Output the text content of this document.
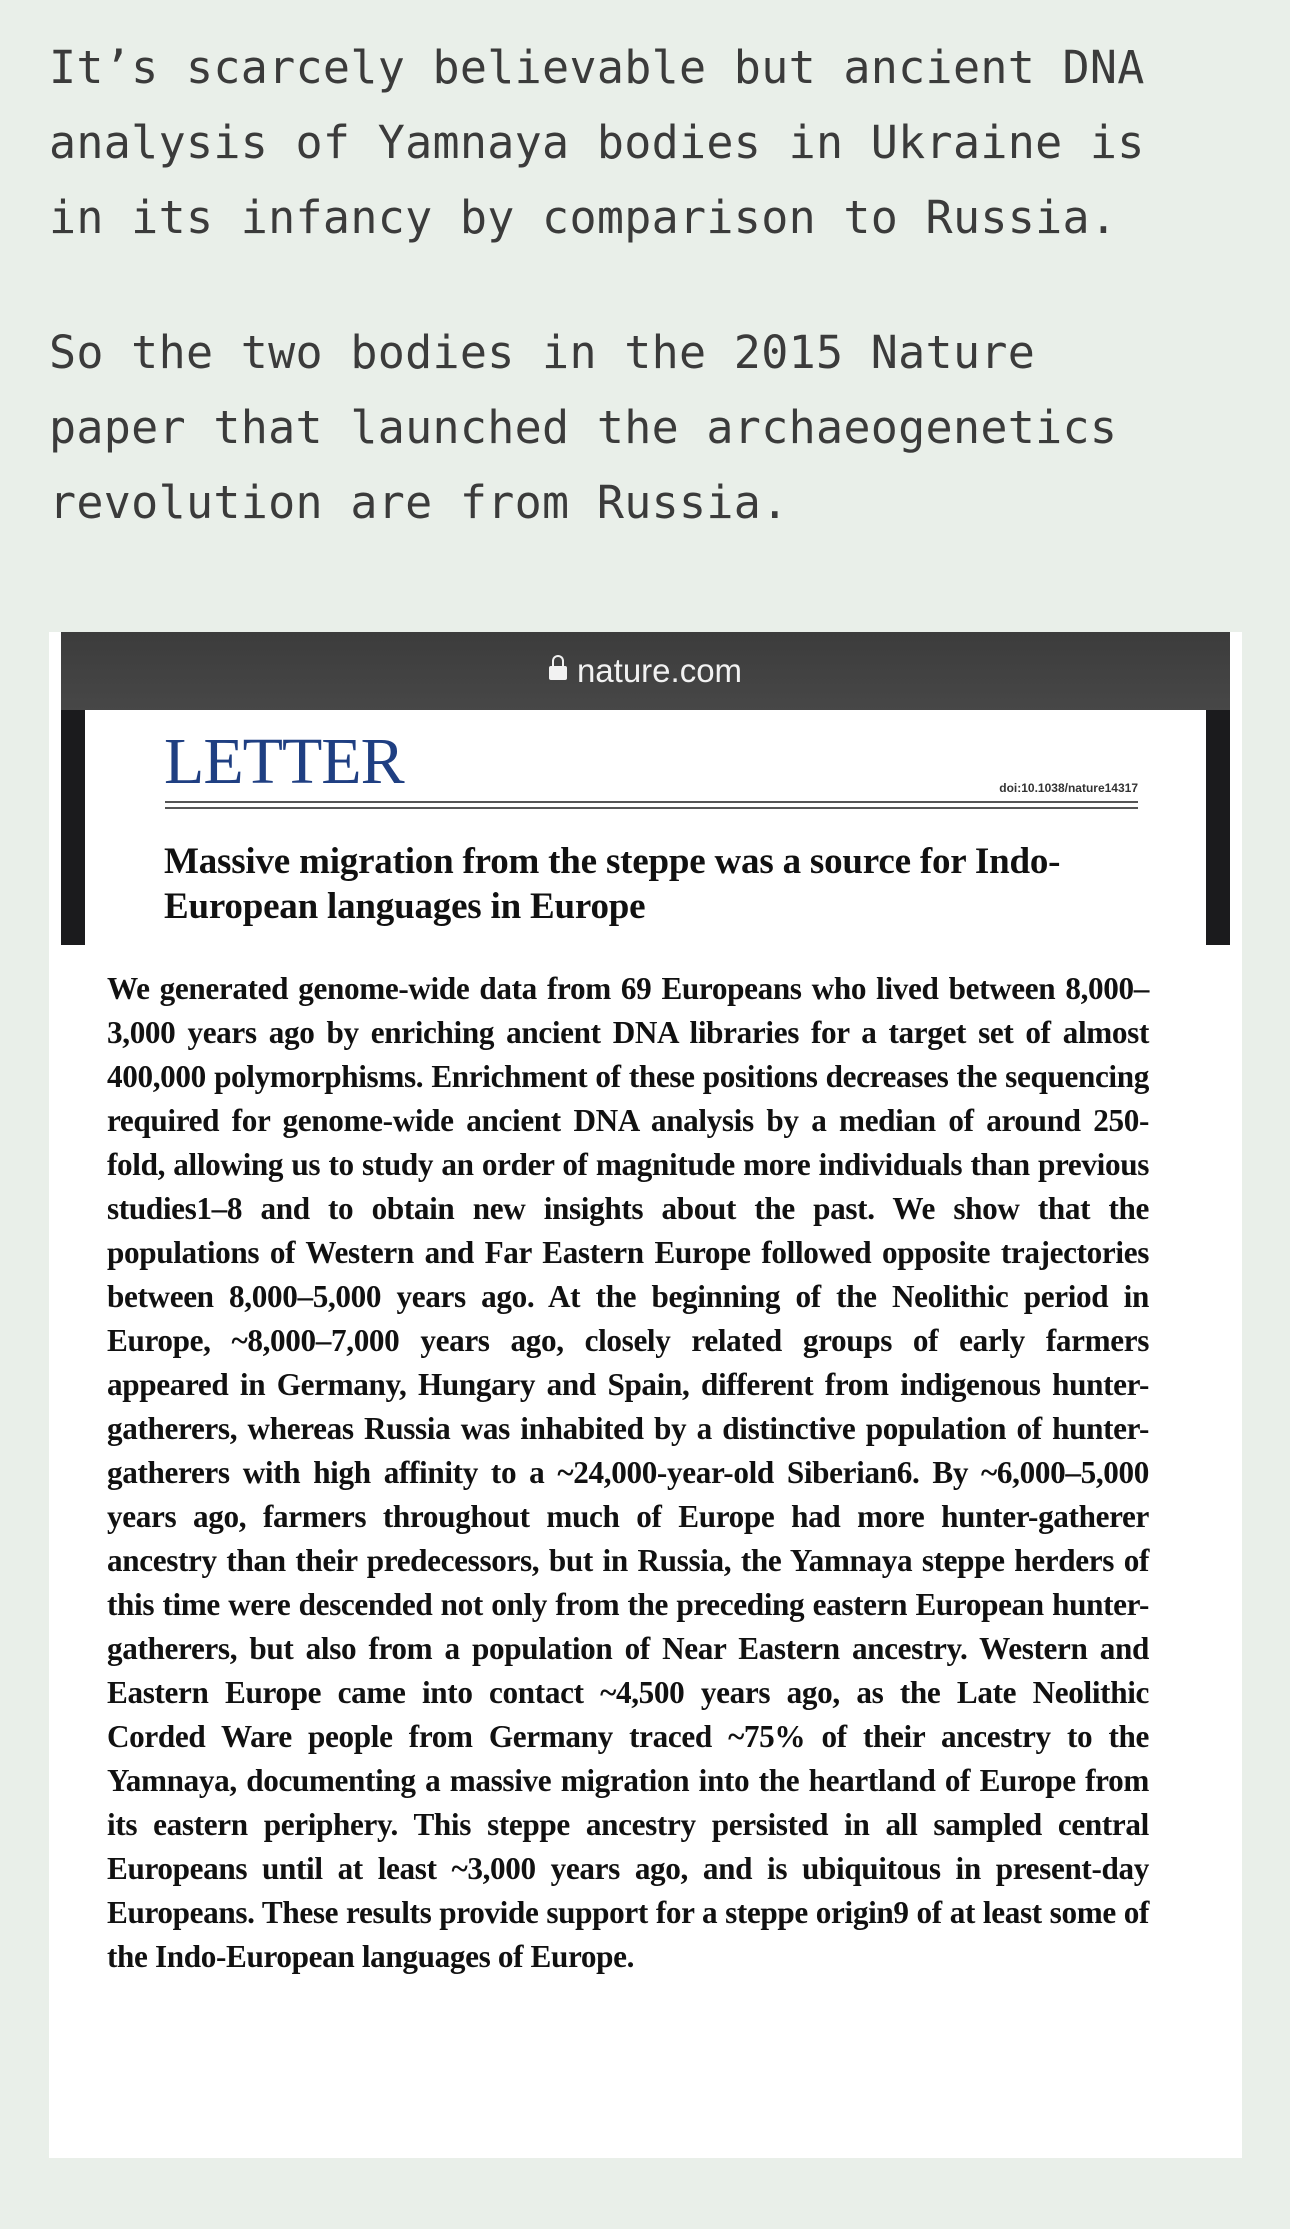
It’s scarcely believable but ancient DNA
analysis of Yamnaya bodies in Ukraine is
in its infancy by comparison to Russia.

So the two bodies in the 2015 Nature
paper that launched the archaeogenetics
revolution are from Russia.

nature.com
LETTER	doi:10.1038/nature14317
Massive migration from the steppe was a source for Indo-European languages in Europe
We generated genome-wide data from 69 Europeans who lived between 8,000–3,000 years ago by enriching ancient DNA libraries for a target set of almost 400,000 polymorphisms. Enrichment of these positions decreases the sequencing required for genome-wide ancient DNA analysis by a median of around 250-fold, allowing us to study an order of magnitude more individuals than previous studies1–8 and to obtain new insights about the past. We show that the populations of Western and Far Eastern Europe followed opposite trajectories between 8,000–5,000 years ago. At the beginning of the Neolithic period in Europe, ~8,000–7,000 years ago, closely related groups of early farmers appeared in Germany, Hungary and Spain, different from indigenous hunter-gatherers, whereas Russia was inhabited by a distinctive population of hunter-gatherers with high affinity to a ~24,000-year-old Siberian6. By ~6,000–5,000 years ago, farmers throughout much of Europe had more hunter-gatherer ancestry than their predecessors, but in Russia, the Yamnaya steppe herders of this time were descended not only from the preceding eastern European hunter-gatherers, but also from a population of Near Eastern ancestry. Western and Eastern Europe came into contact ~4,500 years ago, as the Late Neolithic Corded Ware people from Germany traced ~75% of their ancestry to the Yamnaya, documenting a massive migration into the heartland of Europe from its eastern periphery. This steppe ancestry persisted in all sampled central Europeans until at least ~3,000 years ago, and is ubiquitous in present-day Europeans. These results provide support for a steppe origin9 of at least some of the Indo-European languages of Europe.
